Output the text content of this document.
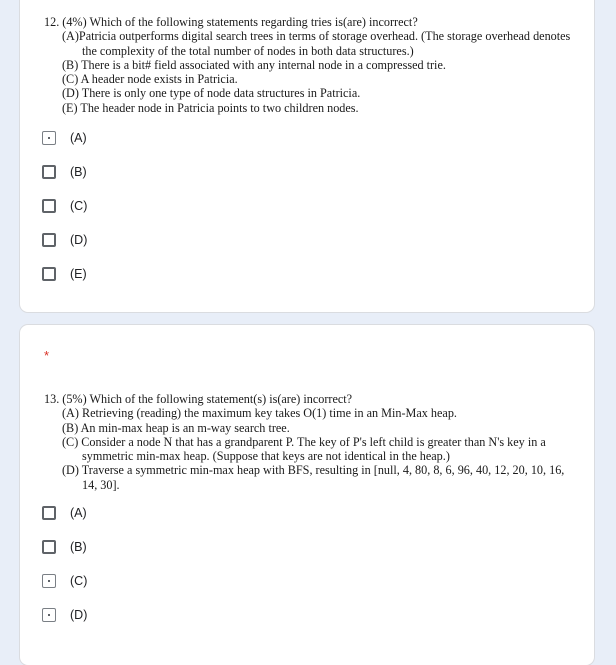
12. (4%) Which of the following statements regarding tries is(are) incorrect?

(A)Patricia outperforms digital search trees in terms of storage overhead. (The storage overhead denotes the complexity of the total number of nodes in both data structures.)

(B) There is a bit# field associated with any internal node in a compressed trie.

(C) A header node exists in Patricia.

(D) There is only one type of node data structures in Patricia.

(E) The header node in Patricia points to two children nodes.

(A)
(B)
(C)
(D)
(E)
*

13. (5%) Which of the following statement(s) is(are) incorrect?

(A) Retrieving (reading) the maximum key takes O(1) time in an Min-Max heap.

(B) An min-max heap is an m-way search tree.

(C) Consider a node N that has a grandparent P. The key of P's left child is greater than N's key in a symmetric min-max heap. (Suppose that keys are not identical in the heap.)

(D) Traverse a symmetric min-max heap with BFS, resulting in [null, 4, 80, 8, 6, 96, 40, 12, 20, 10, 16, 14, 30].

(A)
(B)
(C)
(D)
